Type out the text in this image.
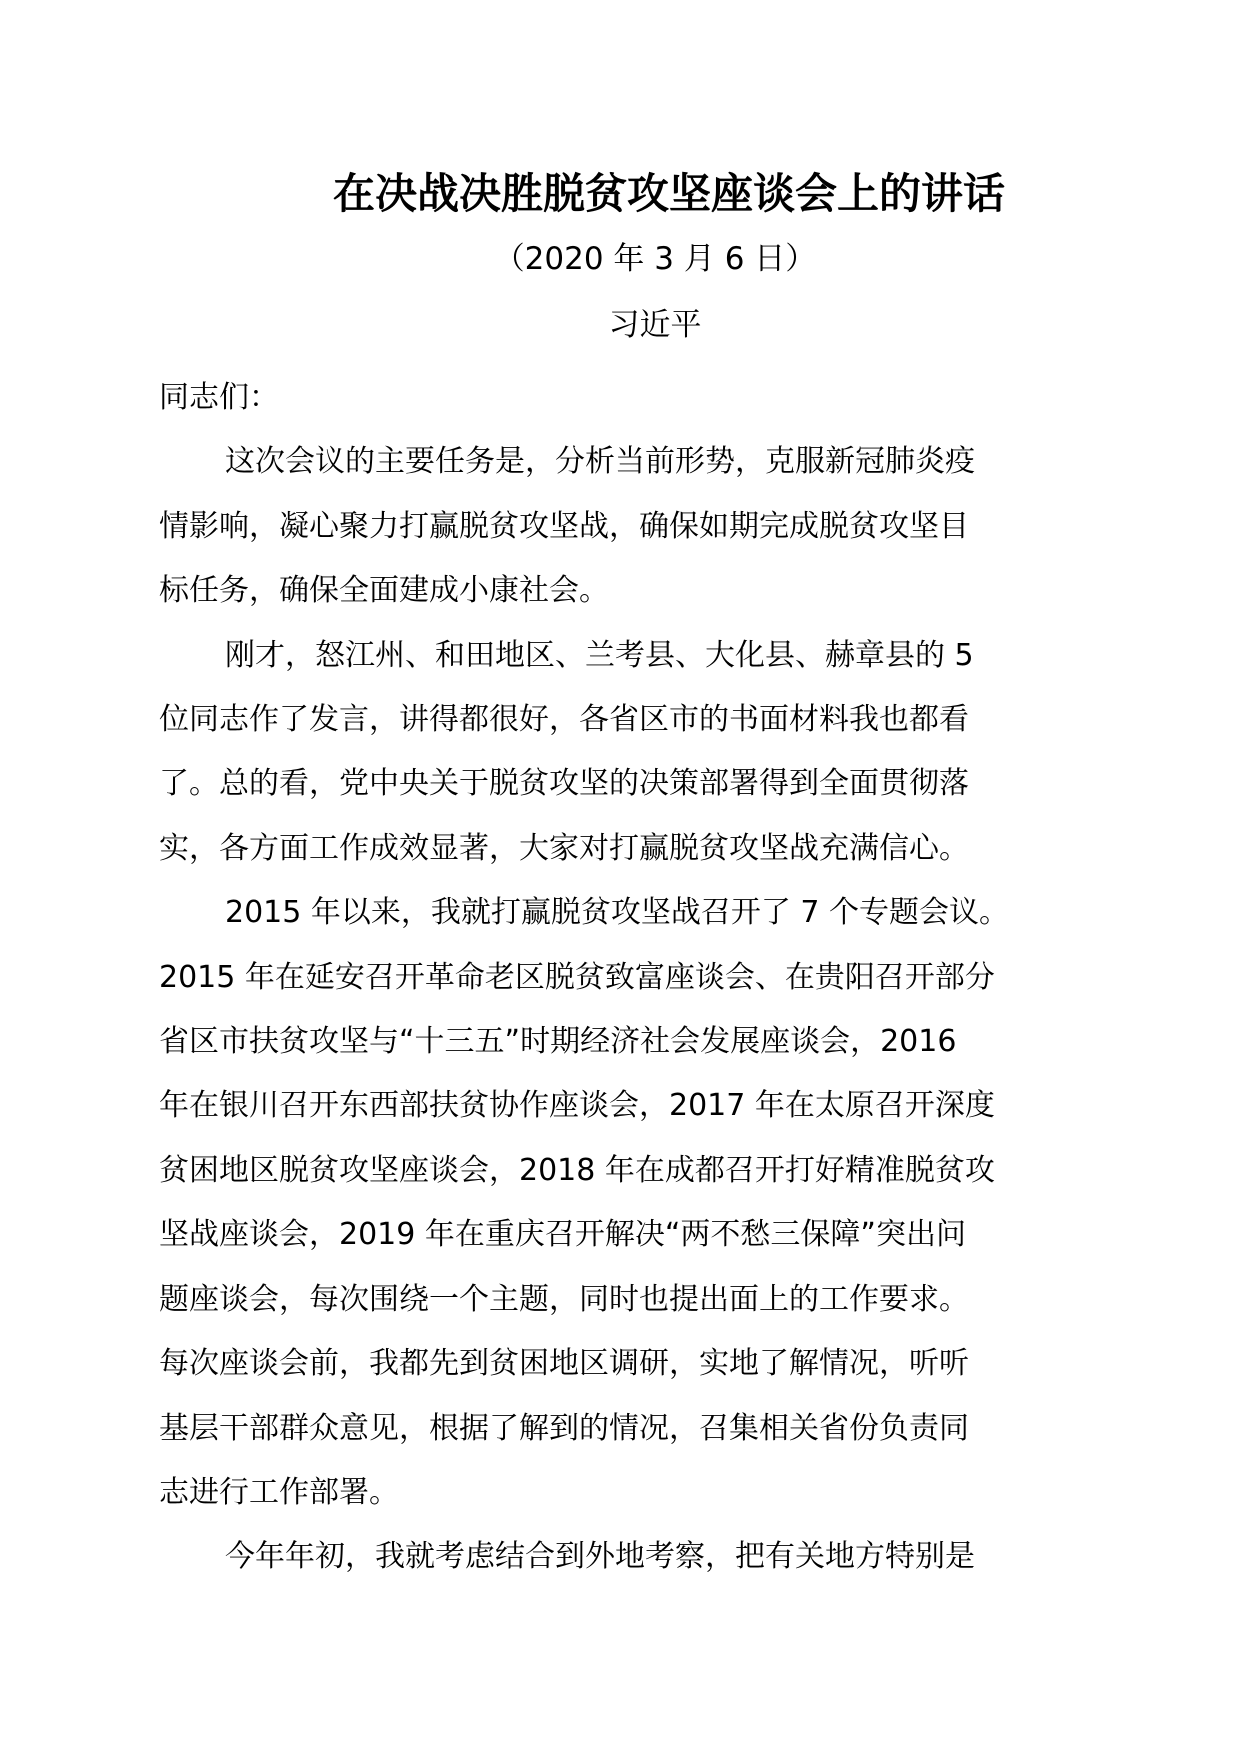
在决战决胜脱贫攻坚座谈会上的讲话
（2020 年 3 月 6 日）
习近平

同志们：

这次会议的主要任务是，分析当前形势，克服新冠肺炎疫
情影响，凝心聚力打赢脱贫攻坚战，确保如期完成脱贫攻坚目
标任务，确保全面建成小康社会。

刚才，怒江州、和田地区、兰考县、大化县、赫章县的 5
位同志作了发言，讲得都很好，各省区市的书面材料我也都看
了。总的看，党中央关于脱贫攻坚的决策部署得到全面贯彻落
实，各方面工作成效显著，大家对打赢脱贫攻坚战充满信心。

2015 年以来，我就打赢脱贫攻坚战召开了 7 个专题会议。
2015 年在延安召开革命老区脱贫致富座谈会、在贵阳召开部分
省区市扶贫攻坚与“十三五”时期经济社会发展座谈会，2016
年在银川召开东西部扶贫协作座谈会，2017 年在太原召开深度
贫困地区脱贫攻坚座谈会，2018 年在成都召开打好精准脱贫攻
坚战座谈会，2019 年在重庆召开解决“两不愁三保障”突出问
题座谈会，每次围绕一个主题，同时也提出面上的工作要求。
每次座谈会前，我都先到贫困地区调研，实地了解情况，听听
基层干部群众意见，根据了解到的情况，召集相关省份负责同
志进行工作部署。

今年年初，我就考虑结合到外地考察，把有关地方特别是
